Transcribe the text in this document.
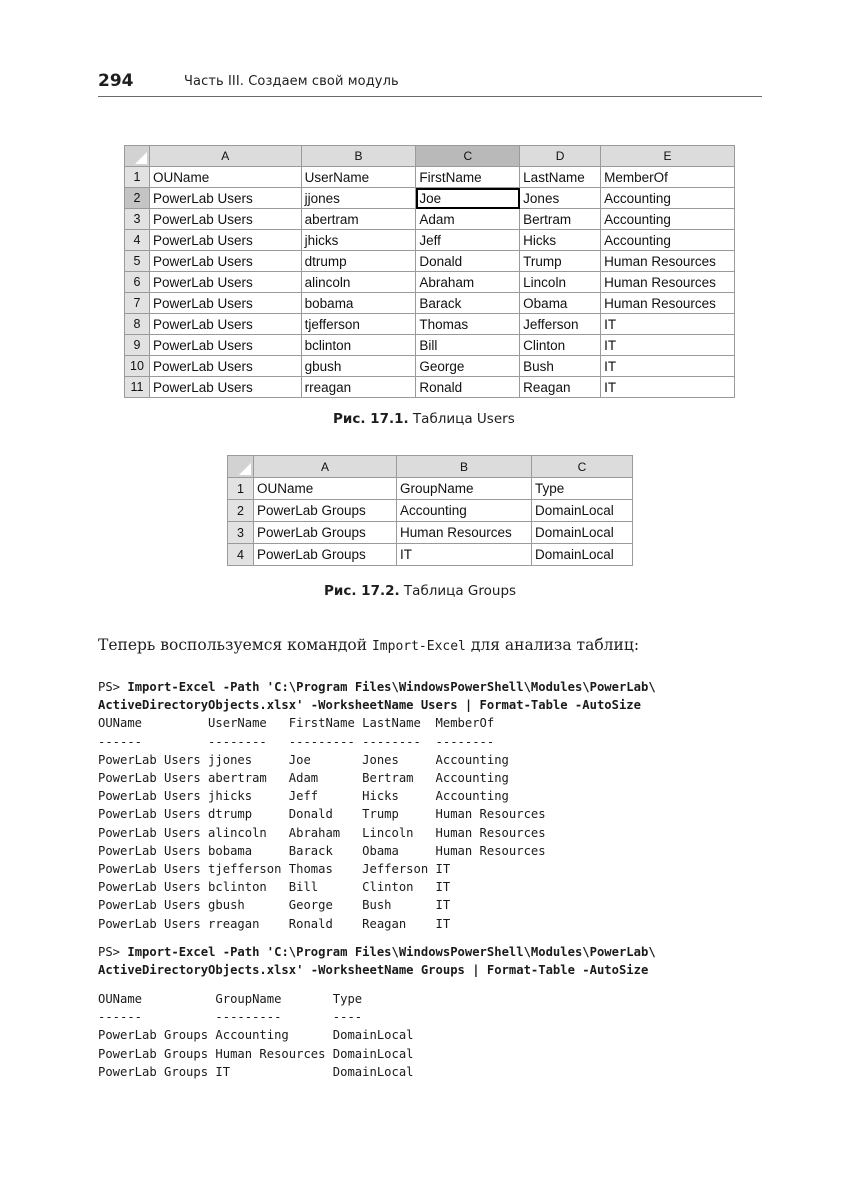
294	Часть III. Создаем свой модуль
	A	B	C	D	E
1	OUName	UserName	FirstName	LastName	MemberOf
2	PowerLab Users	jjones	Joe	Jones	Accounting
3	PowerLab Users	abertram	Adam	Bertram	Accounting
4	PowerLab Users	jhicks	Jeff	Hicks	Accounting
5	PowerLab Users	dtrump	Donald	Trump	Human Resources
6	PowerLab Users	alincoln	Abraham	Lincoln	Human Resources
7	PowerLab Users	bobama	Barack	Obama	Human Resources
8	PowerLab Users	tjefferson	Thomas	Jefferson	IT
9	PowerLab Users	bclinton	Bill	Clinton	IT
10	PowerLab Users	gbush	George	Bush	IT
11	PowerLab Users	rreagan	Ronald	Reagan	IT
Рис. 17.1. Таблица Users
	A	B	C
1	OUName	GroupName	Type
2	PowerLab Groups	Accounting	DomainLocal
3	PowerLab Groups	Human Resources	DomainLocal
4	PowerLab Groups	IT	DomainLocal
Рис. 17.2. Таблица Groups
Теперь воспользуемся командой Import-Excel для анализа таблиц:
PS> Import-Excel -Path 'C:\Program Files\WindowsPowerShell\Modules\PowerLab\
ActiveDirectoryObjects.xlsx' -WorksheetName Users | Format-Table -AutoSize
OUName         UserName   FirstName LastName  MemberOf
------         --------   --------- --------  --------
PowerLab Users jjones     Joe       Jones     Accounting
PowerLab Users abertram   Adam      Bertram   Accounting
PowerLab Users jhicks     Jeff      Hicks     Accounting
PowerLab Users dtrump     Donald    Trump     Human Resources
PowerLab Users alincoln   Abraham   Lincoln   Human Resources
PowerLab Users bobama     Barack    Obama     Human Resources
PowerLab Users tjefferson Thomas    Jefferson IT
PowerLab Users bclinton   Bill      Clinton   IT
PowerLab Users gbush      George    Bush      IT
PowerLab Users rreagan    Ronald    Reagan    IT
PS> Import-Excel -Path 'C:\Program Files\WindowsPowerShell\Modules\PowerLab\
ActiveDirectoryObjects.xlsx' -WorksheetName Groups | Format-Table -AutoSize
OUName          GroupName       Type
------          ---------       ----
PowerLab Groups Accounting      DomainLocal
PowerLab Groups Human Resources DomainLocal
PowerLab Groups IT              DomainLocal
